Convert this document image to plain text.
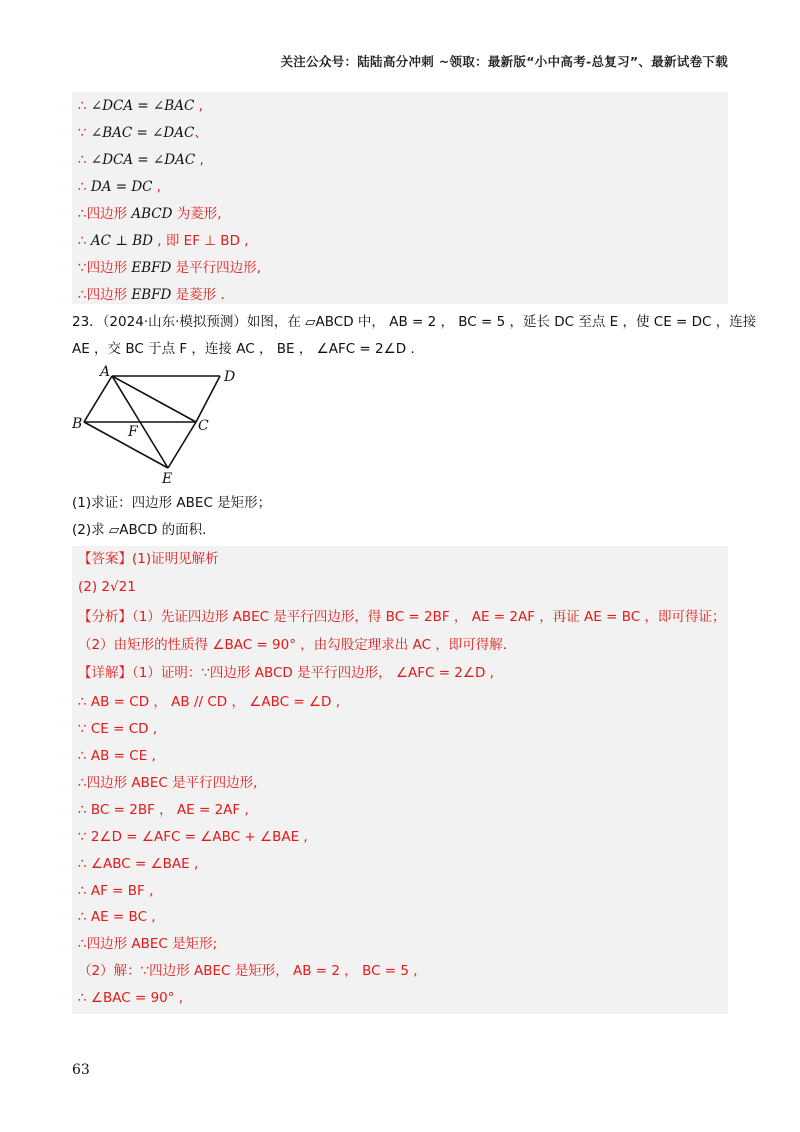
关注公众号：陆陆高分冲刺 ~领取：最新版“小中高考-总复习”、最新试卷下载
∴ ∠DCA = ∠BAC ,
∵ ∠BAC = ∠DAC、
∴ ∠DCA = ∠DAC ,
∴ DA = DC ,
∴四边形 ABCD 为菱形,
∴ AC ⊥ BD , 即 EF ⊥ BD ,
∵四边形 EBFD 是平行四边形,
∴四边形 EBFD 是菱形 .
23．（2024·山东·模拟预测）如图，在 ▱ABCD 中， AB = 2 ， BC = 5 ，延长 DC 至点 E ，使 CE = DC ，连接
AE ，交 BC 于点 F ，连接 AC ， BE ， ∠AFC = 2∠D .
A	D
B	F	C
E
(1)求证：四边形 ABEC 是矩形；
(2)求 ▱ABCD 的面积．
【答案】(1)证明见解析
(2) 2√21
【分析】（1）先证四边形 ABEC 是平行四边形，得 BC = 2BF ， AE = 2AF ，再证 AE = BC ，即可得证；
（2）由矩形的性质得 ∠BAC = 90° ，由勾股定理求出 AC ，即可得解．
【详解】（1）证明：∵四边形 ABCD 是平行四边形， ∠AFC = 2∠D ,
∴ AB = CD ， AB // CD ， ∠ABC = ∠D ,
∵ CE = CD ,
∴ AB = CE ,
∴四边形 ABEC 是平行四边形,
∴ BC = 2BF ， AE = 2AF ,
∵ 2∠D = ∠AFC = ∠ABC + ∠BAE ,
∴ ∠ABC = ∠BAE ,
∴ AF = BF ,
∴ AE = BC ,
∴四边形 ABEC 是矩形;
（2）解：∵四边形 ABEC 是矩形， AB = 2 ， BC = 5 ,
∴ ∠BAC = 90° ,
63
